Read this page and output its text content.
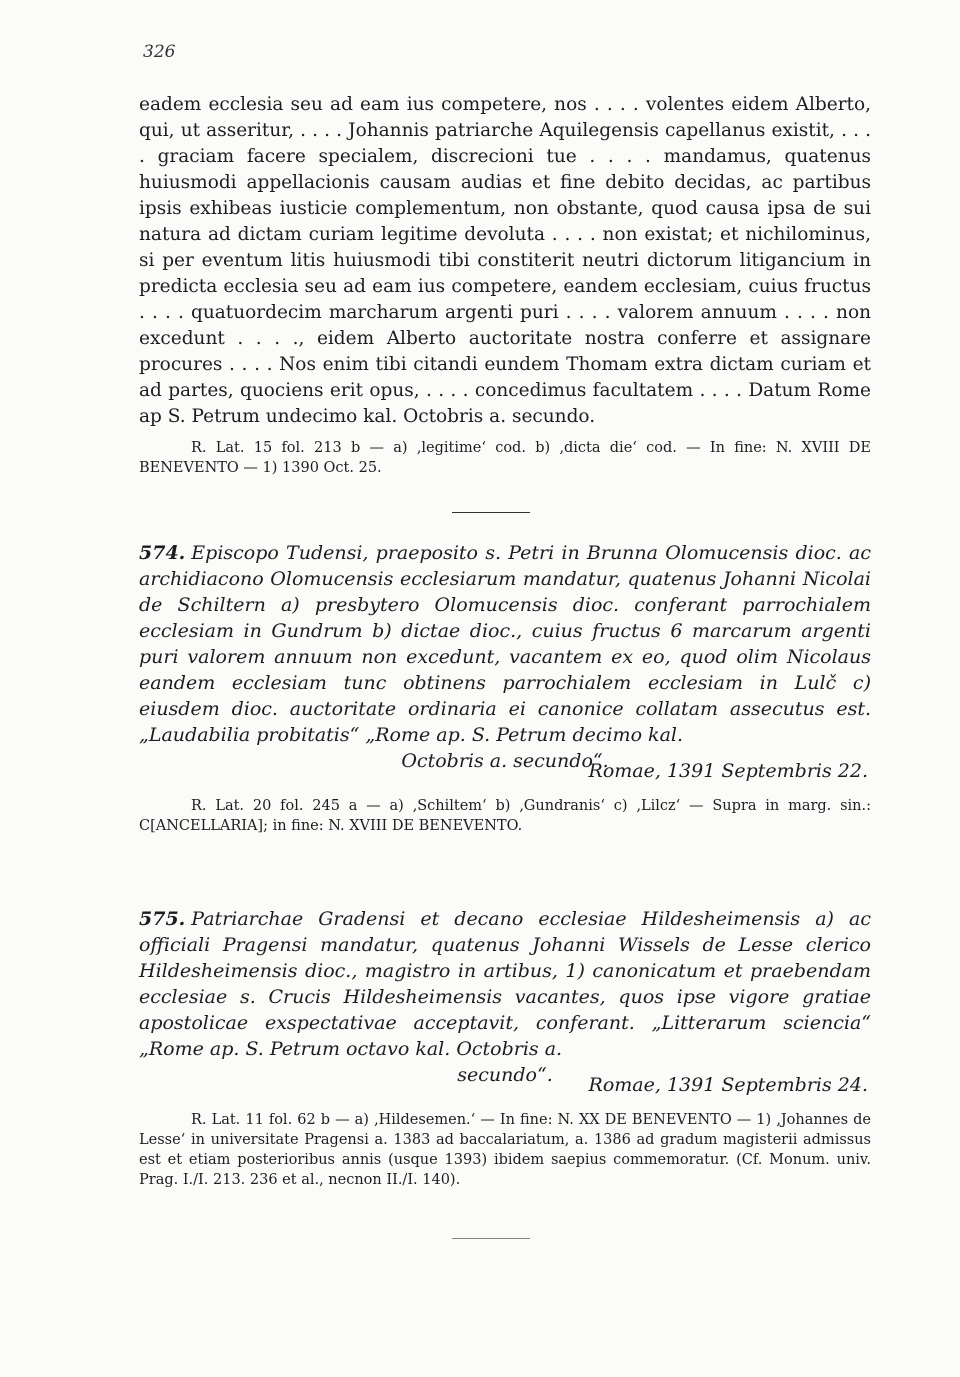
326

eadem ecclesia seu ad eam ius competere, nos . . . . volentes eidem Alberto, qui, ut asseritur, . . . . Johannis patriarche Aquilegensis capellanus existit, . . . . graciam facere specialem, discrecioni tue . . . . mandamus, quatenus huiusmodi appellacionis causam audias et fine debito decidas, ac partibus ipsis exhibeas iusticie complementum, non obstante, quod causa ipsa de sui natura ad dictam curiam legitime devoluta . . . . non existat; et nichilominus, si per eventum litis huiusmodi tibi constiterit neutri dictorum litigancium in predicta ecclesia seu ad eam ius competere, eandem ecclesiam, cuius fructus . . . . quatuordecim marcharum argenti puri . . . . valorem annuum . . . . non excedunt . . . ., eidem Alberto auctoritate nostra conferre et assignare procures . . . . Nos enim tibi citandi eundem Thomam extra dictam curiam et ad partes, quociens erit opus, . . . . concedimus facultatem . . . . Datum Rome ap S. Petrum undecimo kal. Octobris a. secundo.

R. Lat. 15 fol. 213 b — a) ‚legitime‘ cod. b) ‚dicta die‘ cod. — In fine: N. XVIII DE BENEVENTO — 1) 1390 Oct. 25.

574. Episcopo Tudensi, praeposito s. Petri in Brunna Olomucensis dioc. ac archidiacono Olomucensis ecclesiarum mandatur, quatenus Johanni Nicolai de Schiltern a) presbytero Olomucensis dioc. conferant parrochialem ecclesiam in Gundrum b) dictae dioc., cuius fructus 6 marcarum argenti puri valorem annuum non excedunt, vacantem ex eo, quod olim Nicolaus eandem ecclesiam tunc obtinens parrochialem ecclesiam in Lulč c) eiusdem dioc. auctoritate ordinaria ei canonice collatam assecutus est. „Laudabilia probitatis“ „Rome ap. S. Petrum decimo kal.

Octobris a. secundo“.

Romae, 1391 Septembris 22.

R. Lat. 20 fol. 245 a — a) ‚Schiltem‘ b) ‚Gundranis‘ c) ‚Lilcz‘ — Supra in marg. sin.: C[ANCELLARIA]; in fine: N. XVIII DE BENEVENTO.

575. Patriarchae Gradensi et decano ecclesiae Hildesheimensis a) ac officiali Pragensi mandatur, quatenus Johanni Wissels de Lesse clerico Hildesheimensis dioc., magistro in artibus, 1) canonicatum et praebendam ecclesiae s. Crucis Hildesheimensis vacantes, quos ipse vigore gratiae apostolicae exspectativae acceptavit, conferant. „Litterarum sciencia“ „Rome ap. S. Petrum octavo kal. Octobris a.

secundo“.	Romae, 1391 Septembris 24.

R. Lat. 11 fol. 62 b — a) ‚Hildesemen.‘ — In fine: N. XX DE BENEVENTO — 1) ‚Johannes de Lesse‘ in universitate Pragensi a. 1383 ad baccalariatum, a. 1386 ad gradum magisterii admissus est et etiam posterioribus annis (usque 1393) ibidem saepius commemoratur. (Cf. Monum. univ. Prag. I./I. 213. 236 et al., necnon II./I. 140).
